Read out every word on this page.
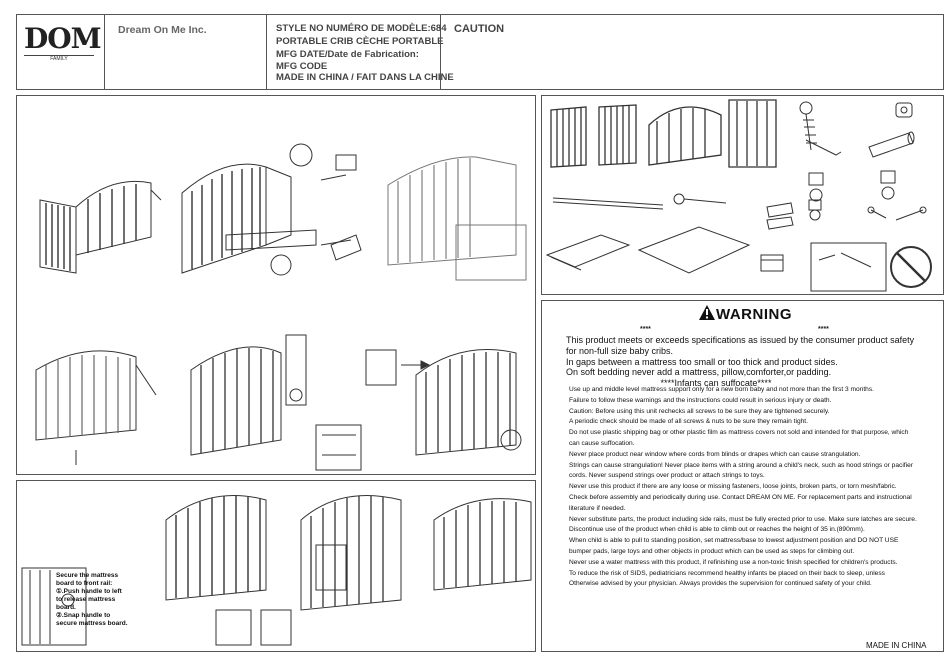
DOM
FAMILY
Dream On Me Inc.	STYLE NO NUMÉRO DE MODÈLE:684
PORTABLE CRIB CÈCHE PORTABLE
MFG DATE/Date de Fabrication:
MFG CODE
MADE IN CHINA / FAIT DANS LA CHINE
CAUTION
Secure the mattress
board to front rail:
①.Push handle to left
to release mattress
board.
②.Snap handle to
secure mattress board.
WARNING
****	****
This product meets or exceeds specifications as issued by the consumer product safety
for non-full size baby cribs.
In gaps between a mattress too small or too thick and product sides.
On soft bedding never add a mattress, pillow,comforter,or padding.
****Infants can suffocate****
Use up and middle level mattress support only for a new born baby and not more than the first 3 months.
Failure to follow these warnings and the instructions could result in serious injury or death.
Caution: Before using this unit rechecks all screws to be sure they are tightened securely.
A periodic check should be made of all screws & nuts to be sure they remain tight.
Do not use plastic shipping bag or other plastic film as mattress covers not sold and intended for that purpose, which
can cause suffocation.
Never place product near window where cords from blinds or drapes which can cause strangulation.
Strings can cause strangulation! Never place items with a string around a child's neck, such as hood strings or pacifier
cords. Never suspend strings over product or attach strings to toys.
Never use this product if there are any loose or missing fasteners, loose joints, broken parts, or torn mesh/fabric.
Check before assembly and periodically during use. Contact DREAM ON ME. For replacement parts and instructional
literature if needed.
Never substitute parts, the product including side rails, must be fully erected prior to use. Make sure latches are secure.
Discontinue use of the product when child is able to climb out or reaches the height of 35 in.(890mm).
When child is able to pull to standing position, set mattress/base to lowest adjustment position and DO NOT USE
bumper pads, large toys and other objects in product which can be used as steps for climbing out.
Never use a water mattress with this product, if refinishing use a non-toxic finish specified for children's products.
To reduce the risk of SIDS, pediatricians recommend healthy infants be placed on their back to sleep, unless
Otherwise advised by your physician. Always provides the supervision for continued safety of your child.
MADE IN CHINA
